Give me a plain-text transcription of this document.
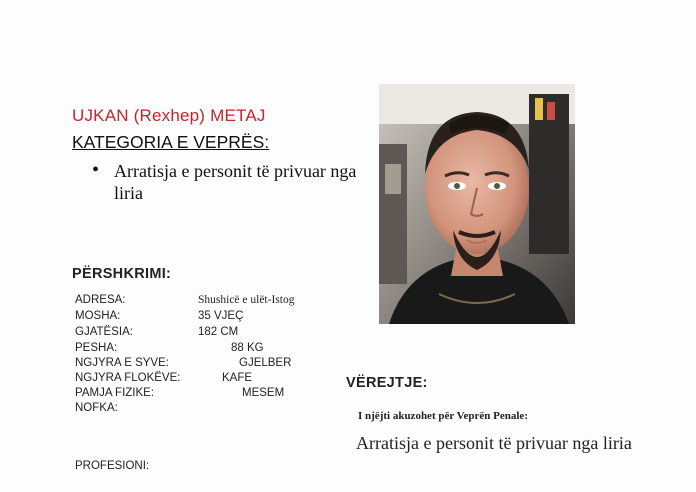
UJKAN (Rexhep) METAJ
KATEGORIA E VEPRËS:
• Arratisja e personit të privuar nga liria
PËRSHKRIMI:
ADRESA:	Shushicë e ulët-Istog
MOSHA:	35 VJEÇ
GJATËSIA:	182 CM
PESHA:	88 KG
NGJYRA E SYVE:	GJELBER
NGJYRA FLOKËVE:	KAFE
PAMJA FIZIKE:	MESEM
NOFKA:
PROFESIONI:
VËREJTJE:
I njëjti akuzohet për Veprën Penale:
Arratisja e personit të privuar nga liria
